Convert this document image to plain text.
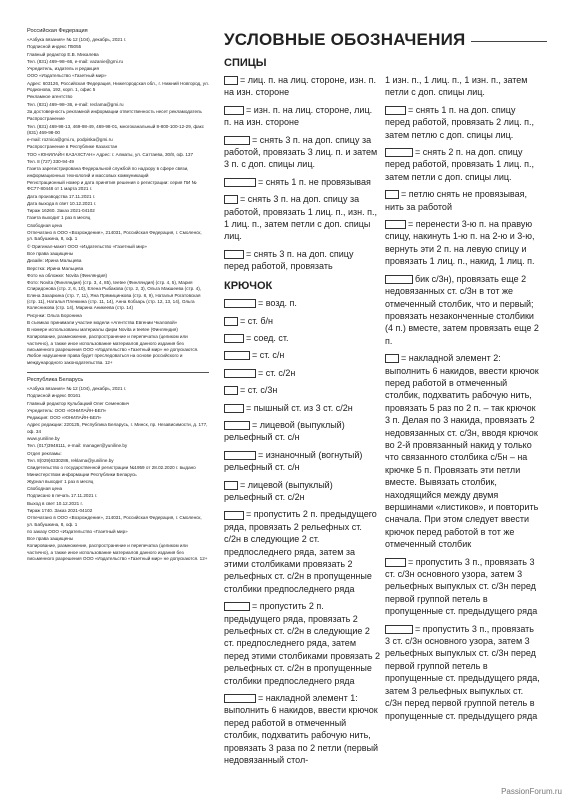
Российская Федерация
«Азбука вязания» № 12 (104), декабрь, 2021 г.
Подписной индекс П5055
Главный редактор Е.В. Михалева
Тел. (831) 469–98–66, e-mail: vazanie@gmi.ru
Учредитель, издатель и редакция
ООО «Издательство «Газетный мир»
Адрес: 603126, Российская Федерация, Нижегородская обл., г. Нижний Новгород, ул. Родионова, 192, корп. 1, офис 5
Рекламное агентство
Тел. (831) 469–98–36, e-mail: reclama@gmi.ru
За достоверность рекламной информации ответственность несет рекламодатель
Распространение
Тел. (831) 469-98-13, 469-98-49, 469-98-01, многоканальный 8-800-100-12-29, факс (831) 469-98-00
e-mail: roznica@gmi.ru, podpiska@gmi.ru
Распространение в Республике Казахстан
ТОО «ЮНИЛАЙН КАЗАХСТАН» Адрес: г. Алматы, ул. Саттаева, 30/8, оф. 137
Тел. 8 (727) 330-94-49
Газета зарегистрирована Федеральной службой по надзору в сфере связи, информационных технологий и массовых коммуникаций
Регистрационный номер и дата принятия решения о регистрации: серия ПИ № ФС77-80448 от 1 марта 2021 г.
Дата производства 17.11.2021 г.
Дата выхода в свет 10.12.2021 г.
Тираж 16260. Заказ 2021-04102
Газета выходит 1 раз в месяц
Свободная цена
Отпечатано в ООО «Возрождение», 214031, Российская Федерация, г. Смоленск, ул. Бабушкина, 8, оф. 1
© Оригинал-макет ООО «Издательство «Газетный мир»
Все права защищены
Дизайн: Ирина Мальцева
Верстка: Ирина Мальцева
Фото на обложке: Novita (Финляндия)
Фото: Novita (Финляндия) (стр. 3, 4, 85), teetee (Финляндия) (стр. 4, 5), Мария Спиридонова (стр. 2, 6, 10), Елена Рыбакова (стр. 2, 3), Ольга Макшеева (стр. 4), Елена Захаркина (стр. 7, 11), Яна Прямицинкова (стр. 8, 9), Наталья Рогатовская (стр. 11), Наталья Пленкина (стр. 11, 14), Анна Кобзарь (стр. 12, 13, 14), Ольга Колесникова (стр. 14), Марина Аникеева (стр. 14)
Рисунки: Ольга Боронина
В съемках принимали участие модели «Агентства Евгении Чкаловой»
В номере использованы материалы фирм Novita и teetee (Финляндия)
Копирование, размножение, распространение и перепечатка (целиком или частично), а также иное использование материалов данного издания без письменного разрешения ООО «Издательство «Газетный мир» не допускаются. Любое нарушение права будет преследоваться на основе российского и международного законодательства. 12+
Республика Беларусь
«Азбука вязания» № 12 (104), декабрь, 2021 г.
Подписной индекс 00161
Главный редактор Кульбацкий Олег Семенович
Учредитель: ООО «ЮНИЛАЙН-БЕЛ»
Редакция: ООО «ЮНИЛАЙН-БЕЛ»
Адрес редакции: 220125, Республика Беларусь, г. Минск, пр. Независимости, д. 177, оф. 34
www.yuniline.by
Тел. (017)3948111, e-mail: manager@yuniline.by
Отдел рекламы:
Тел. 8(029)6330286, reklama@yuniline.by
Свидетельство о государственной регистрации №1959 от 28.02.2020 г. выдано Министерством информации Республики Беларусь
Журнал выходит 1 раз в месяц
Свободная цена
Подписано в печать 17.11.2021 г.
Выход в свет 10.12.2021 г.
Тираж 1740. Заказ 2021-04102
Отпечатано в ООО «Возрождение», 214031, Российская Федерация, г. Смоленск, ул. Бабушкина, 8, оф. 1
по заказу ООО «Издательство «Газетный мир»
Все права защищены
Копирование, размножение, распространение и перепечатка (целиком или частично), а также иное использование материалов данного издания без письменного разрешения ООО «Издательство «Газетный мир» не допускаются. 12+
УСЛОВНЫЕ ОБОЗНАЧЕНИЯ
СПИЦЫ
= лиц. п. на лиц. стороне, изн. п. на изн. стороне
= изн. п. на лиц. стороне, лиц. п. на изн. стороне
= снять 3 п. на доп. спицу за работой, провязать 3 лиц. п. и затем 3 п. с доп. спицы лиц.
= снять 1 п. не провязывая
= снять 3 п. на доп. спицу за работой, провязать 1 лиц. п., изн. п., 1 лиц. п., затем петли с доп. спицы лиц.
= снять 3 п. на доп. спицу перед работой, провязать
КРЮЧОК
= возд. п.
= ст. б/н
= соед. ст.
= ст. с/н
= ст. с/2н
= ст. с/3н
= пышный ст. из 3 ст. с/2н
= лицевой (выпуклый) рельефный ст. с/н
= изнаночный (вогнутый) рельефный ст. с/н
= лицевой (выпуклый) рельефный ст. с/2н
= пропустить 2 п. предыдущего ряда, провязать 2 рельефных ст. с/2н в следующие 2 ст. предпоследнего ряда, затем за этими столбиками провязать 2 рельефных ст. с/2н в пропущенные столбики предпоследнего ряда
= пропустить 2 п. предыдущего ряда, провязать 2 рельефных ст. с/2н в следующие 2 ст. предпоследнего ряда, затем перед этими столбиками провязать 2 рельефных ст. с/2н в пропущенные столбики предпоследнего ряда
= накладной элемент 1: выполнить 6 накидов, ввести крючок перед работой в отмеченный столбик, подхватить рабочую нить, провязать 3 раза по 2 петли (первый недовязанный стол-
1 изн. п., 1 лиц. п., 1 изн. п., затем петли с доп. спицы лиц.
= снять 1 п. на доп. спицу перед работой, провязать 2 лиц. п., затем петлю с доп. спицы лиц.
= снять 2 п. на доп. спицу перед работой, провязать 1 лиц. п., затем петли с доп. спицы лиц.
= петлю снять не провязывая, нить за работой
= перенести 3-ю п. на правую спицу, накинуть 1-ю п. на 2-ю и 3-ю, вернуть эти 2 п. на левую спицу и провязать 1 лиц. п., накид, 1 лиц. п.
бик с/3н), провязать еще 2 недовязанных ст. с/3н в тот же отмеченный столбик, что и первый; провязать незаконченные столбики (4 п.) вместе, затем провязать еще 2 п.
= накладной элемент 2: выполнить 6 накидов, ввести крючок перед работой в отмеченный столбик, подхватить рабочую нить, провязать 5 раз по 2 п. – так крючок 3 п. Делая по 3 накида, провязать 2 недовязанных ст. с/3н, вводя крючок во 2-й провязанный накид у только что связанного столбика с/5н – на крючке 5 п. Провязать эти петли вместе. Вывязать столбик, находящийся между двумя вершинами «листиков», и повторить сначала. При этом следует ввести крючок перед работой в тот же отмеченный столбик
= пропустить 3 п., провязать 3 ст. с/3н основного узора, затем 3 рельефных выпуклых ст. с/3н перед первой группой петель в пропущенные ст. предыдущего ряда
= пропустить 3 п., провязать 3 ст. с/3н основного узора, затем 3 рельефных выпуклых ст. с/3н перед первой группой петель в пропущенные ст. предыдущего ряда, затем 3 рельефных выпуклых ст. с/3н перед первой группой петель в пропущенные ст. предыдущего ряда
PassionForum.ru
